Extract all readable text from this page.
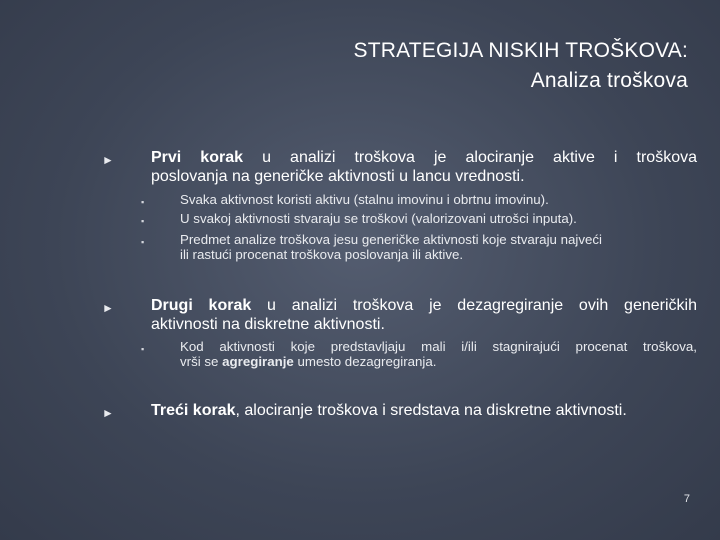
STRATEGIJA NISKIH TROŠKOVA:
Analiza troškova
► Prvi korak u analizi troškova je alociranje aktive i troškova
poslovanja na generičke aktivnosti u lancu vrednosti.
▪	Svaka aktivnost koristi aktivu (stalnu imovinu i obrtnu imovinu).
▪	U svakoj aktivnosti stvaraju se troškovi (valorizovani utrošci inputa).
▪	Predmet analize troškova jesu generičke aktivnosti koje stvaraju najveći
ili rastući procenat troškova poslovanja ili aktive.
► Drugi korak u analizi troškova je dezagregiranje ovih generičkih
aktivnosti na diskretne aktivnosti.
▪	Kod aktivnosti koje predstavljaju mali i/ili stagnirajući procenat troškova,
vrši se agregiranje umesto dezagregiranja.
► Treći korak, alociranje troškova i sredstava na diskretne aktivnosti.
7
